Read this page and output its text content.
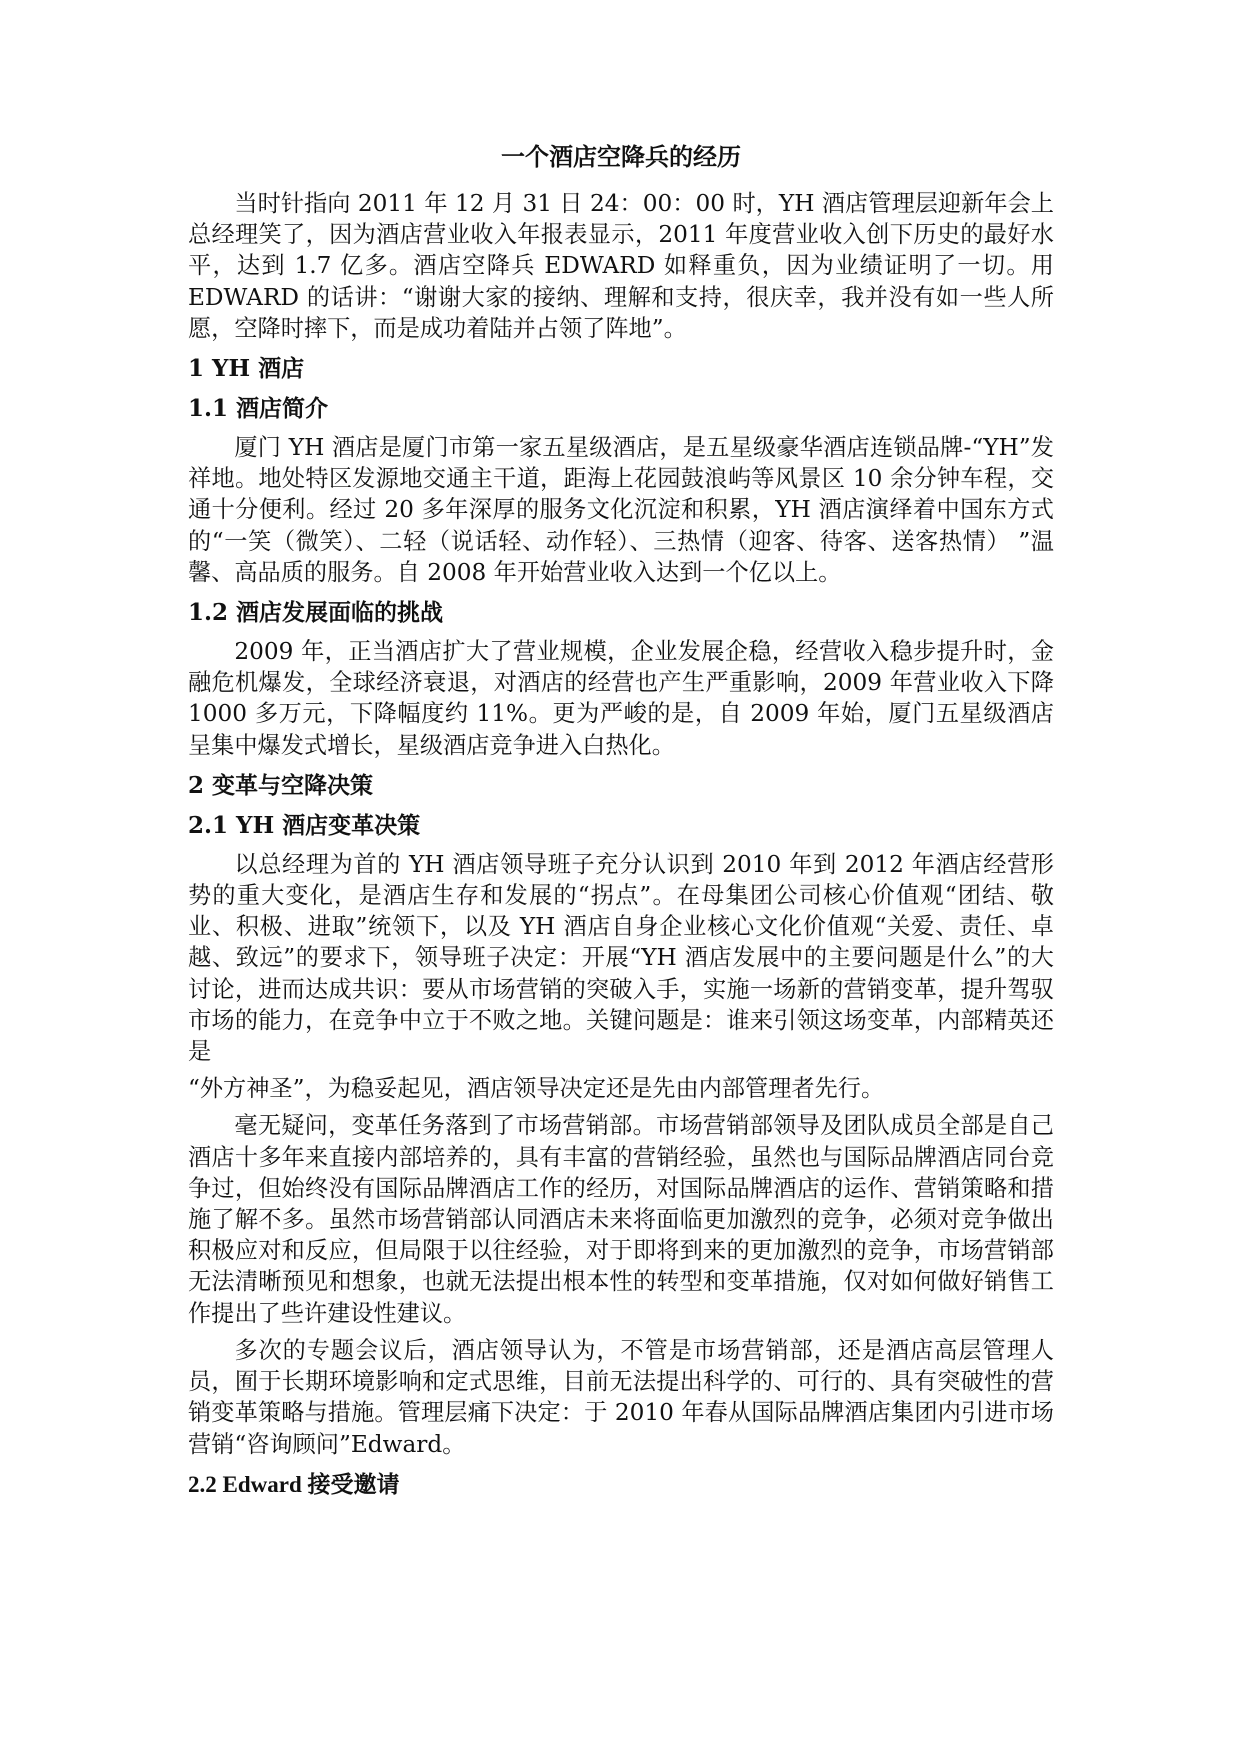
一个酒店空降兵的经历

当时针指向 2011 年 12 月 31 日 24：00：00 时，YH 酒店管理层迎新年会上总经理笑了，因为酒店营业收入年报表显示，2011 年度营业收入创下历史的最好水平，达到 1.7 亿多。酒店空降兵 EDWARD 如释重负，因为业绩证明了一切。用 EDWARD 的话讲：“谢谢大家的接纳、理解和支持，很庆幸，我并没有如一些人所愿，空降时摔下，而是成功着陆并占领了阵地”。

1 YH 酒店
1.1 酒店简介

厦门 YH 酒店是厦门市第一家五星级酒店，是五星级豪华酒店连锁品牌-“YH”发祥地。地处特区发源地交通主干道，距海上花园鼓浪屿等风景区 10 余分钟车程，交通十分便利。经过 20 多年深厚的服务文化沉淀和积累，YH 酒店演绎着中国东方式的“一笑（微笑）、二轻（说话轻、动作轻）、三热情（迎客、待客、送客热情） ”温馨、高品质的服务。自 2008 年开始营业收入达到一个亿以上。

1.2 酒店发展面临的挑战

2009 年，正当酒店扩大了营业规模，企业发展企稳，经营收入稳步提升时，金融危机爆发，全球经济衰退，对酒店的经营也产生严重影响，2009 年营业收入下降 1000 多万元，下降幅度约 11%。更为严峻的是，自 2009 年始，厦门五星级酒店呈集中爆发式增长，星级酒店竞争进入白热化。

2 变革与空降决策
2.1 YH 酒店变革决策

以总经理为首的 YH 酒店领导班子充分认识到 2010 年到 2012 年酒店经营形势的重大变化，是酒店生存和发展的“拐点”。在母集团公司核心价值观“团结、敬业、积极、进取”统领下，以及 YH 酒店自身企业核心文化价值观“关爱、责任、卓越、致远”的要求下，领导班子决定：开展“YH 酒店发展中的主要问题是什么”的大讨论，进而达成共识：要从市场营销的突破入手，实施一场新的营销变革，提升驾驭市场的能力，在竞争中立于不败之地。关键问题是：谁来引领这场变革，内部精英还是

“外方神圣”，为稳妥起见，酒店领导决定还是先由内部管理者先行。

毫无疑问，变革任务落到了市场营销部。市场营销部领导及团队成员全部是自己酒店十多年来直接内部培养的，具有丰富的营销经验，虽然也与国际品牌酒店同台竞争过，但始终没有国际品牌酒店工作的经历，对国际品牌酒店的运作、营销策略和措施了解不多。虽然市场营销部认同酒店未来将面临更加激烈的竞争，必须对竞争做出积极应对和反应，但局限于以往经验，对于即将到来的更加激烈的竞争，市场营销部无法清晰预见和想象，也就无法提出根本性的转型和变革措施，仅对如何做好销售工作提出了些许建设性建议。

多次的专题会议后，酒店领导认为，不管是市场营销部，还是酒店高层管理人员，囿于长期环境影响和定式思维，目前无法提出科学的、可行的、具有突破性的营销变革策略与措施。管理层痛下决定：于 2010 年春从国际品牌酒店集团内引进市场营销“咨询顾问”Edward。

2.2 Edward 接受邀请
